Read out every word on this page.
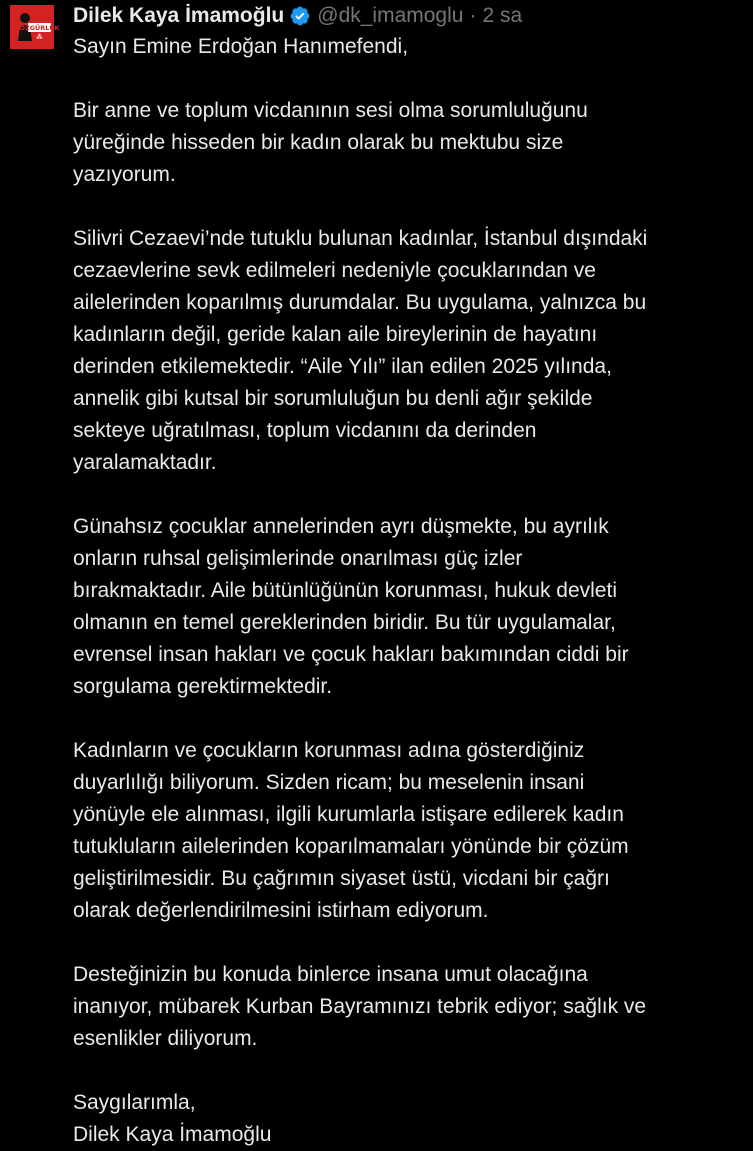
ÖZGÜRLÜK
⁂
Dilek Kaya İmamoğlu @dk_imamoglu · 2 sa

Sayın Emine Erdoğan Hanımefendi,

Bir anne ve toplum vicdanının sesi olma sorumluluğunu
yüreğinde hisseden bir kadın olarak bu mektubu size
yazıyorum.

Silivri Cezaevi’nde tutuklu bulunan kadınlar, İstanbul dışındaki
cezaevlerine sevk edilmeleri nedeniyle çocuklarından ve
ailelerinden koparılmış durumdalar. Bu uygulama, yalnızca bu
kadınların değil, geride kalan aile bireylerinin de hayatını
derinden etkilemektedir. “Aile Yılı” ilan edilen 2025 yılında,
annelik gibi kutsal bir sorumluluğun bu denli ağır şekilde
sekteye uğratılması, toplum vicdanını da derinden
yaralamaktadır.

Günahsız çocuklar annelerinden ayrı düşmekte, bu ayrılık
onların ruhsal gelişimlerinde onarılması güç izler
bırakmaktadır. Aile bütünlüğünün korunması, hukuk devleti
olmanın en temel gereklerinden biridir. Bu tür uygulamalar,
evrensel insan hakları ve çocuk hakları bakımından ciddi bir
sorgulama gerektirmektedir.

Kadınların ve çocukların korunması adına gösterdiğiniz
duyarlılığı biliyorum. Sizden ricam; bu meselenin insani
yönüyle ele alınması, ilgili kurumlarla istişare edilerek kadın
tutukluların ailelerinden koparılmamaları yönünde bir çözüm
geliştirilmesidir. Bu çağrımın siyaset üstü, vicdani bir çağrı
olarak değerlendirilmesini istirham ediyorum.

Desteğinizin bu konuda binlerce insana umut olacağına
inanıyor, mübarek Kurban Bayramınızı tebrik ediyor; sağlık ve
esenlikler diliyorum.

Saygılarımla,
Dilek Kaya İmamoğlu
